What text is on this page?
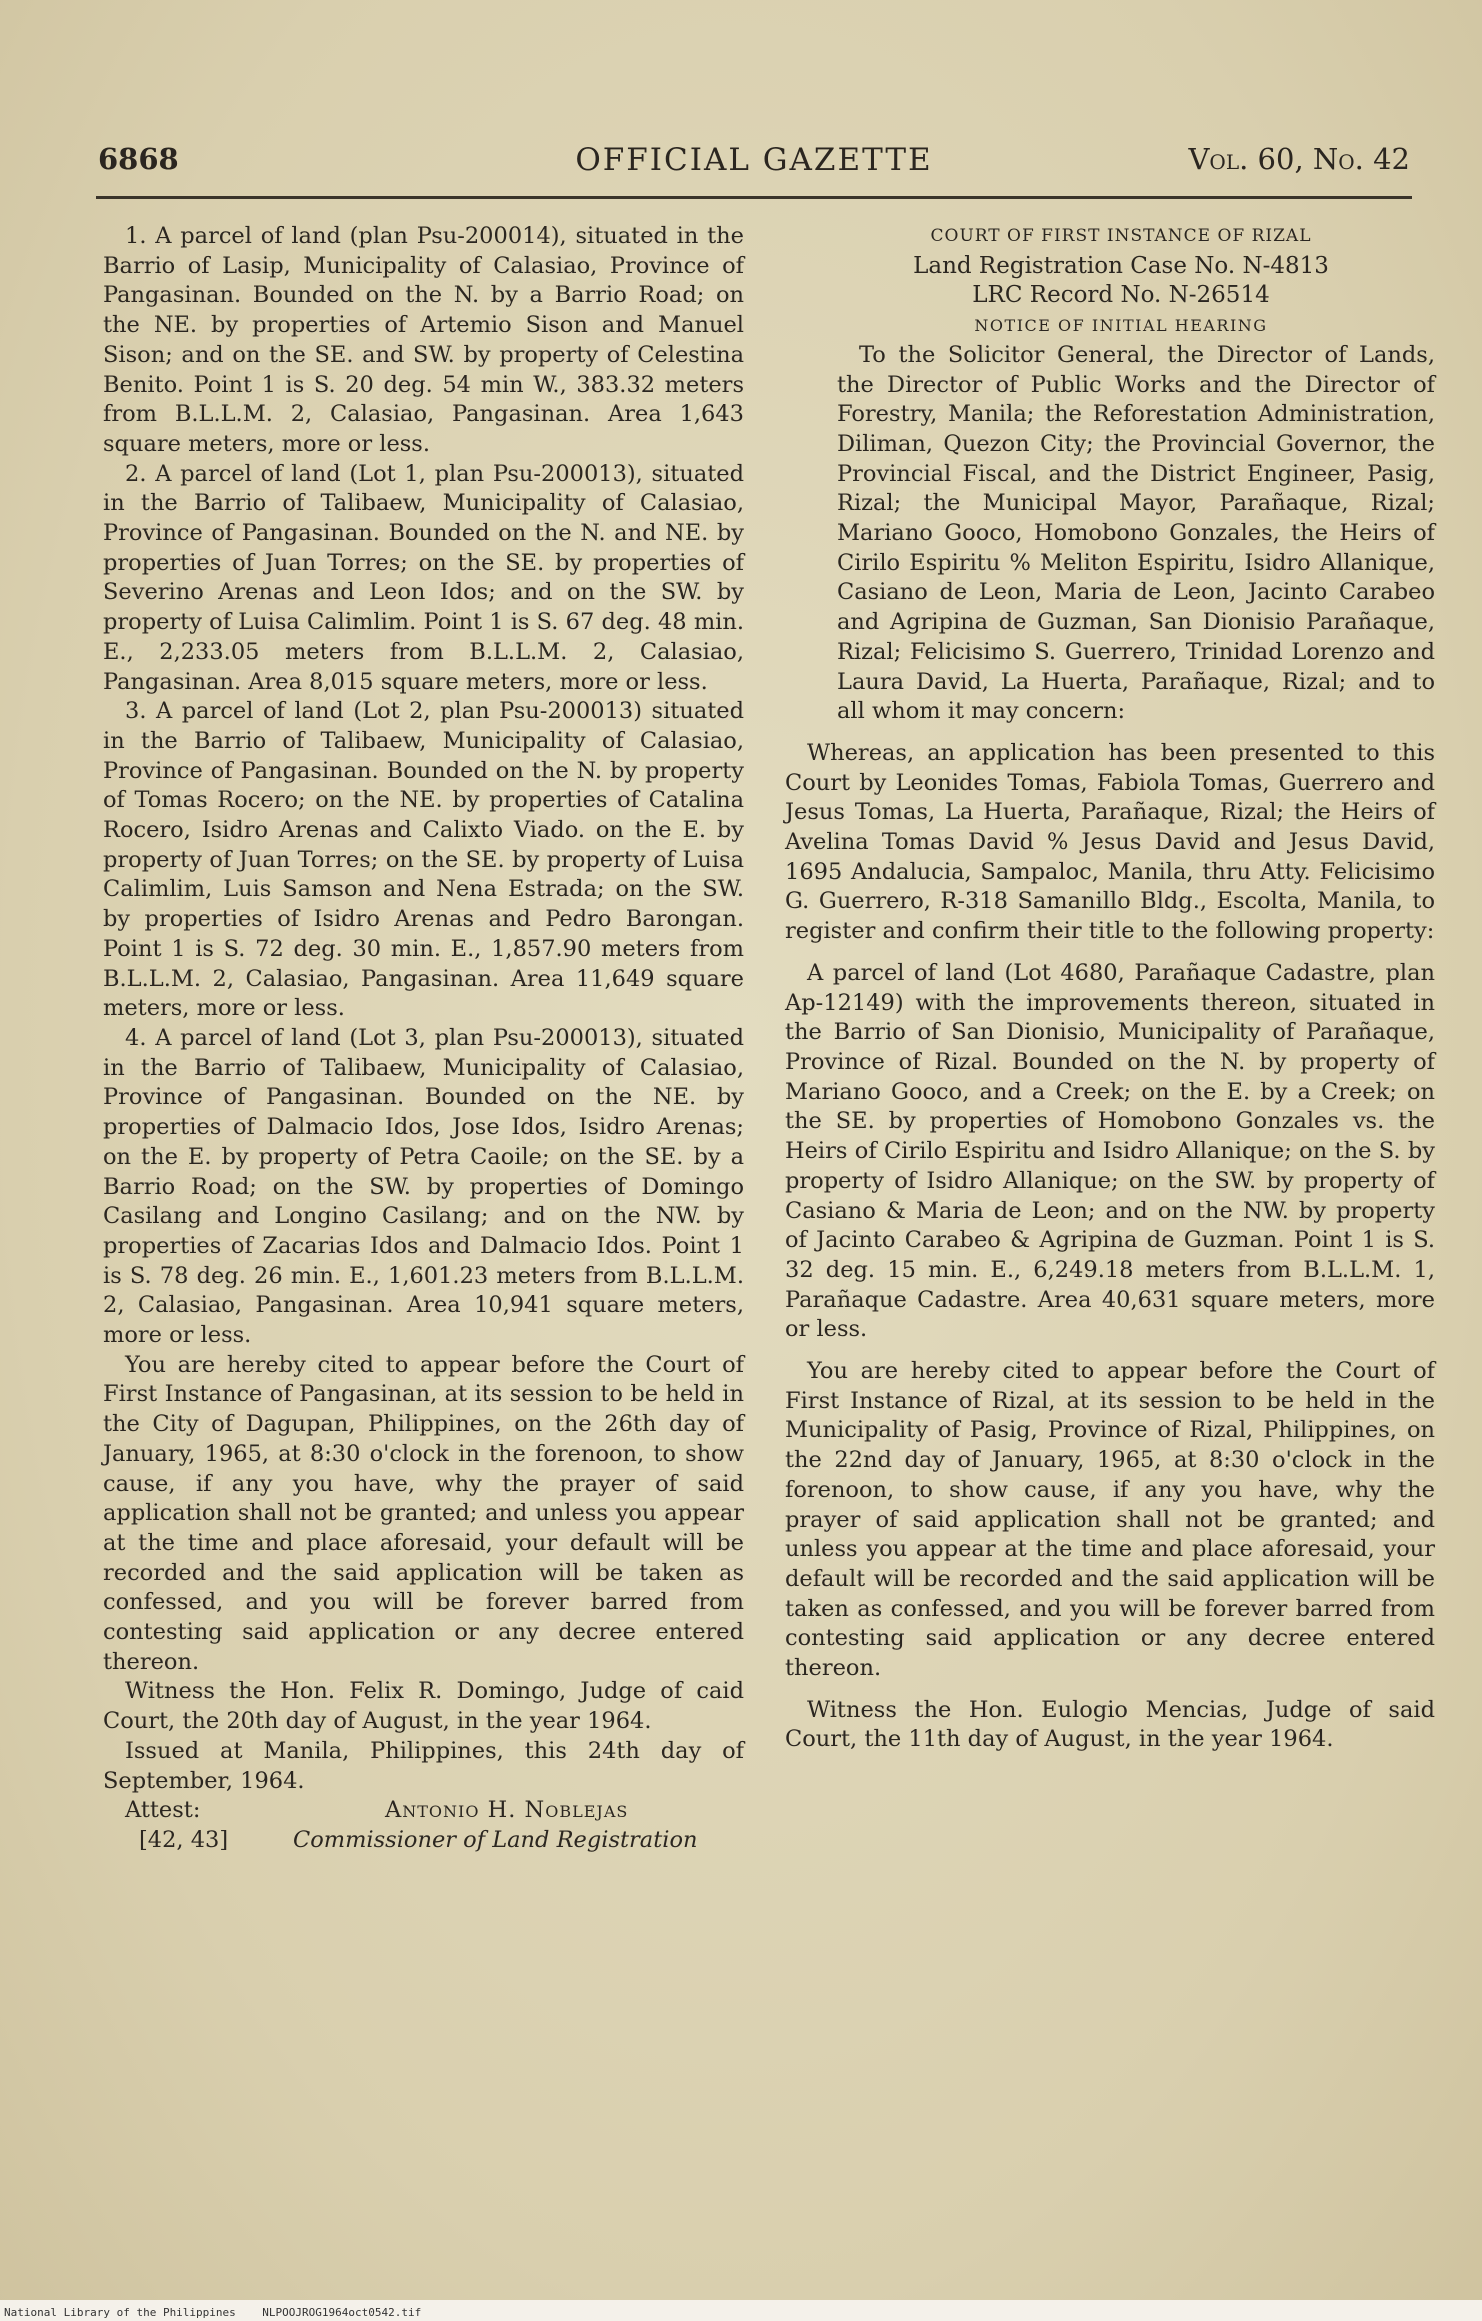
6868	OFFICIAL GAZETTE	Vol. 60, No. 42

1. A parcel of land (plan Psu-200014), situated in the Barrio of Lasip, Municipality of Calasiao, Province of Pangasinan. Bounded on the N. by a Barrio Road; on the NE. by properties of Artemio Sison and Manuel Sison; and on the SE. and SW. by property of Celestina Benito. Point 1 is S. 20 deg. 54 min W., 383.32 meters from B.L.L.M. 2, Calasiao, Pangasinan. Area 1,643 square meters, more or less.

2. A parcel of land (Lot 1, plan Psu-200013), situated in the Barrio of Talibaew, Municipality of Calasiao, Province of Pangasinan. Bounded on the N. and NE. by properties of Juan Torres; on the SE. by properties of Severino Arenas and Leon Idos; and on the SW. by property of Luisa Calimlim. Point 1 is S. 67 deg. 48 min. E., 2,233.05 meters from B.L.L.M. 2, Calasiao, Pangasinan. Area 8,015 square meters, more or less.

3. A parcel of land (Lot 2, plan Psu-200013) situated in the Barrio of Talibaew, Municipality of Calasiao, Province of Pangasinan. Bounded on the N. by property of Tomas Rocero; on the NE. by properties of Catalina Rocero, Isidro Arenas and Calixto Viado. on the E. by property of Juan Torres; on the SE. by property of Luisa Calimlim, Luis Samson and Nena Estrada; on the SW. by properties of Isidro Arenas and Pedro Barongan. Point 1 is S. 72 deg. 30 min. E., 1,857.90 meters from B.L.L.M. 2, Calasiao, Pangasinan. Area 11,649 square meters, more or less.

4. A parcel of land (Lot 3, plan Psu-200013), situated in the Barrio of Talibaew, Municipality of Calasiao, Province of Pangasinan. Bounded on the NE. by properties of Dalmacio Idos, Jose Idos, Isidro Arenas; on the E. by property of Petra Caoile; on the SE. by a Barrio Road; on the SW. by properties of Domingo Casilang and Longino Casilang; and on the NW. by properties of Zacarias Idos and Dalmacio Idos. Point 1 is S. 78 deg. 26 min. E., 1,601.23 meters from B.L.L.M. 2, Calasiao, Pangasinan. Area 10,941 square meters, more or less.

You are hereby cited to appear before the Court of First Instance of Pangasinan, at its session to be held in the City of Dagupan, Philippines, on the 26th day of January, 1965, at 8:30 o'clock in the forenoon, to show cause, if any you have, why the prayer of said application shall not be granted; and unless you appear at the time and place aforesaid, your default will be recorded and the said application will be taken as confessed, and you will be forever barred from contesting said application or any decree entered thereon.

Witness the Hon. Felix R. Domingo, Judge of caid Court, the 20th day of August, in the year 1964.

Issued at Manila, Philippines, this 24th day of September, 1964.

Attest:	Antonio H. Noblejas
[42, 43]	Commissioner of Land Registration

COURT OF FIRST INSTANCE OF RIZAL

Land Registration Case No. N-4813

LRC Record No. N-26514

NOTICE OF INITIAL HEARING

To the Solicitor General, the Director of Lands, the Director of Public Works and the Director of Forestry, Manila; the Reforestation Administration, Diliman, Quezon City; the Provincial Governor, the Provincial Fiscal, and the District Engineer, Pasig, Rizal; the Municipal Mayor, Parañaque, Rizal; Mariano Gooco, Homobono Gonzales, the Heirs of Cirilo Espiritu % Meliton Espiritu, Isidro Allanique, Casiano de Leon, Maria de Leon, Jacinto Carabeo and Agripina de Guzman, San Dionisio Parañaque, Rizal; Felicisimo S. Guerrero, Trinidad Lorenzo and Laura David, La Huerta, Parañaque, Rizal; and to all whom it may concern:

Whereas, an application has been presented to this Court by Leonides Tomas, Fabiola Tomas, Guerrero and Jesus Tomas, La Huerta, Parañaque, Rizal; the Heirs of Avelina Tomas David % Jesus David and Jesus David, 1695 Andalucia, Sampaloc, Manila, thru Atty. Felicisimo G. Guerrero, R-318 Samanillo Bldg., Escolta, Manila, to register and confirm their title to the following property:

A parcel of land (Lot 4680, Parañaque Cadastre, plan Ap-12149) with the improvements thereon, situated in the Barrio of San Dionisio, Municipality of Parañaque, Province of Rizal. Bounded on the N. by property of Mariano Gooco, and a Creek; on the E. by a Creek; on the SE. by properties of Homobono Gonzales vs. the Heirs of Cirilo Espiritu and Isidro Allanique; on the S. by property of Isidro Allanique; on the SW. by property of Casiano & Maria de Leon; and on the NW. by property of Jacinto Carabeo & Agripina de Guzman. Point 1 is S. 32 deg. 15 min. E., 6,249.18 meters from B.L.L.M. 1, Parañaque Cadastre. Area 40,631 square meters, more or less.

You are hereby cited to appear before the Court of First Instance of Rizal, at its session to be held in the Municipality of Pasig, Province of Rizal, Philippines, on the 22nd day of January, 1965, at 8:30 o'clock in the forenoon, to show cause, if any you have, why the prayer of said application shall not be granted; and unless you appear at the time and place aforesaid, your default will be recorded and the said application will be taken as confessed, and you will be forever barred from contesting said application or any decree entered thereon.

Witness the Hon. Eulogio Mencias, Judge of said Court, the 11th day of August, in the year 1964.

National Library of the Philippines NLPOOJROG1964oct0542.tif
